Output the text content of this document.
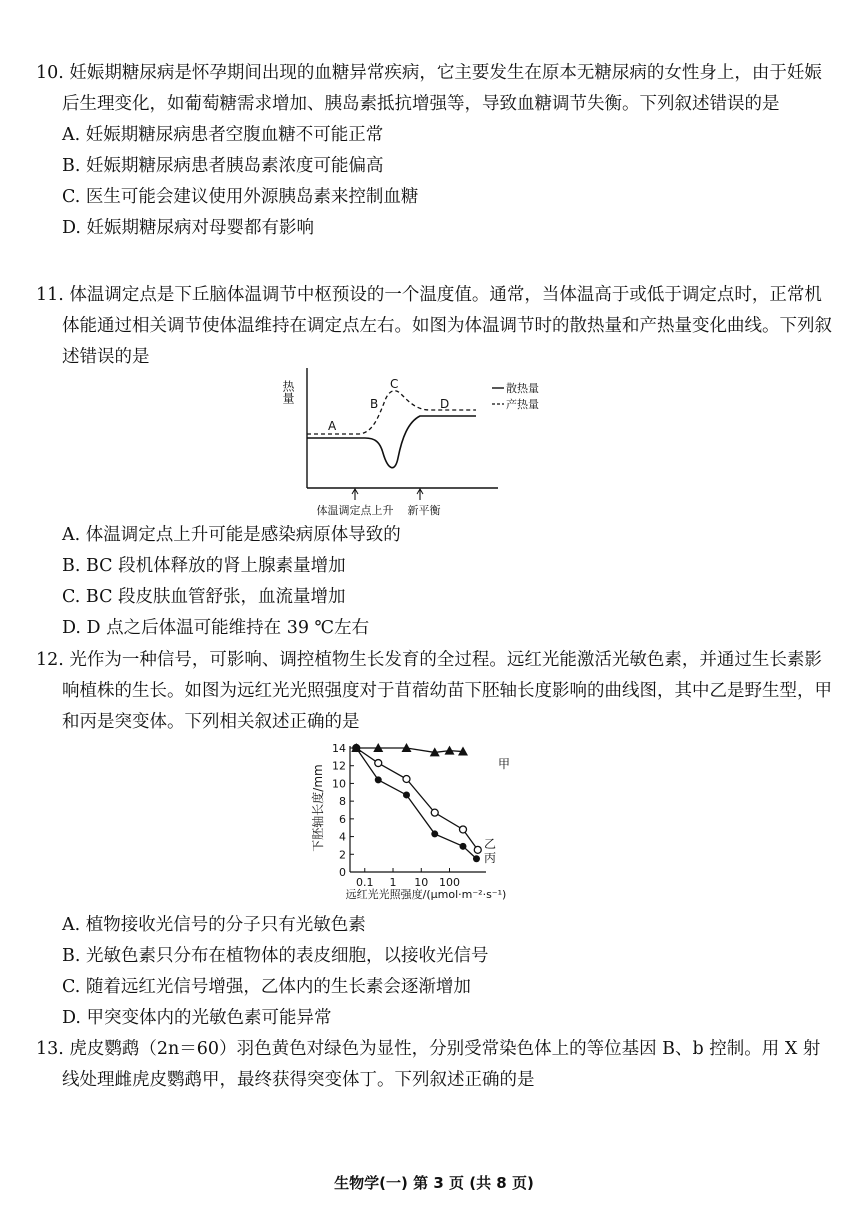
10. 妊娠期糖尿病是怀孕期间出现的血糖异常疾病，它主要发生在原本无糖尿病的女性身上，由于妊娠后生理变化，如葡萄糖需求增加、胰岛素抵抗增强等，导致血糖调节失衡。下列叙述错误的是

A. 妊娠期糖尿病患者空腹血糖不可能正常

B. 妊娠期糖尿病患者胰岛素浓度可能偏高

C. 医生可能会建议使用外源胰岛素来控制血糖

D. 妊娠期糖尿病对母婴都有影响

11. 体温调定点是下丘脑体温调节中枢预设的一个温度值。通常，当体温高于或低于调定点时，正常机体能通过相关调节使体温维持在调定点左右。如图为体温调节时的散热量和产热量变化曲线。下列叙述错误的是

热量
A
B
C
D
散热量
产热量
体温调定点上升 新平衡

A. 体温调定点上升可能是感染病原体导致的

B. BC 段机体释放的肾上腺素量增加

C. BC 段皮肤血管舒张，血流量增加

D. D 点之后体温可能维持在 39 ℃左右

12. 光作为一种信号，可影响、调控植物生长发育的全过程。远红光能激活光敏色素，并通过生长素影响植株的生长。如图为远红光光照强度对于苜蓿幼苗下胚轴长度影响的曲线图，其中乙是野生型，甲和丙是突变体。下列相关叙述正确的是

下胚轴长度/mm
0
2
4
6
8
10
12
14
0.1 1 10 100
甲
乙
丙
远红光光照强度/(μmol·m⁻²·s⁻¹)

A. 植物接收光信号的分子只有光敏色素

B. 光敏色素只分布在植物体的表皮细胞，以接收光信号

C. 随着远红光信号增强，乙体内的生长素会逐渐增加

D. 甲突变体内的光敏色素可能异常

13. 虎皮鹦鹉（2n＝60）羽色黄色对绿色为显性，分别受常染色体上的等位基因 B、b 控制。用 X 射线处理雌虎皮鹦鹉甲，最终获得突变体丁。下列叙述正确的是

生物学(一) 第 3 页 (共 8 页)
